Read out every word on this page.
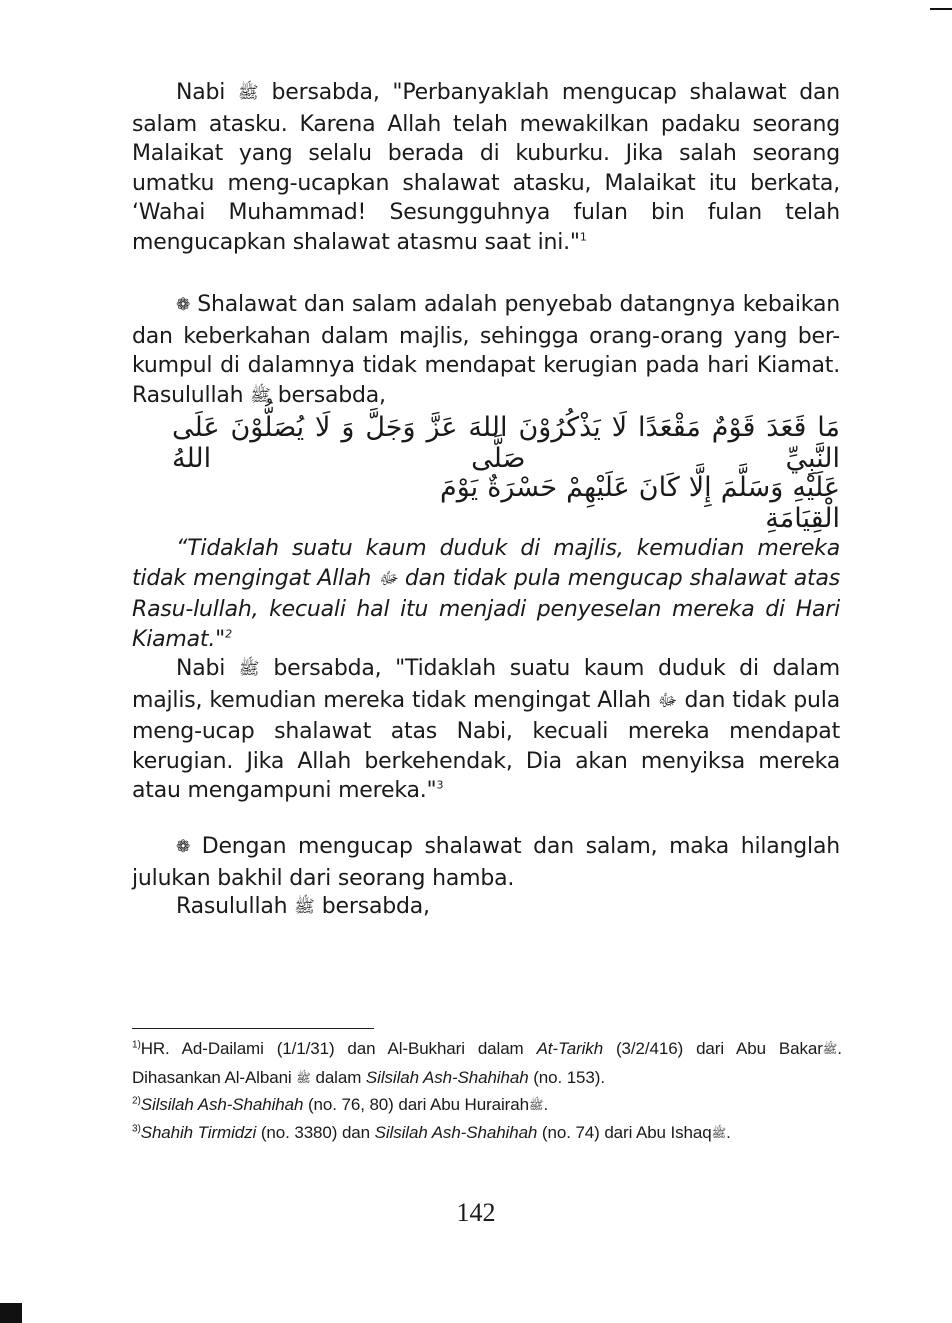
Nabi ﷺ bersabda, "Perbanyaklah mengucap shalawat dan salam atasku. Karena Allah telah mewakilkan padaku seorang Malaikat yang selalu berada di kuburku. Jika salah seorang umatku meng-ucapkan shalawat atasku, Malaikat itu berkata, ‘Wahai Muhammad! Sesungguhnya fulan bin fulan telah mengucapkan shalawat atasmu saat ini."$^1$

❁ Shalawat dan salam adalah penyebab datangnya kebaikan dan keberkahan dalam majlis, sehingga orang-orang yang ber-kumpul di dalamnya tidak mendapat kerugian pada hari Kiamat. Rasulullah ﷺ bersabda,

مَا قَعَدَ قَوْمٌ مَقْعَدًا لَا يَذْكُرُوْنَ اللهَ عَزَّ وَجَلَّ وَ لَا يُصَلُّوْنَ عَلَى النَّبِيِّ صَلَّى اللهُ

عَلَيْهِ وَسَلَّمَ إِلَّا كَانَ عَلَيْهِمْ حَسْرَةٌ يَوْمَ الْقِيَامَةِ

“Tidaklah suatu kaum duduk di majlis, kemudian mereka tidak mengingat Allah ﷻ dan tidak pula mengucap shalawat atas Rasu-lullah, kecuali hal itu menjadi penyeselan mereka di Hari Kiamat."$^2$

Nabi ﷺ bersabda, "Tidaklah suatu kaum duduk di dalam majlis, kemudian mereka tidak mengingat Allah ﷻ dan tidak pula meng-ucap shalawat atas Nabi, kecuali mereka mendapat kerugian. Jika Allah berkehendak, Dia akan menyiksa mereka atau mengampuni mereka."$^3$

❁ Dengan mengucap shalawat dan salam, maka hilanglah julukan bakhil dari seorang hamba.

Rasulullah ﷺ bersabda,

$^{1)}$HR. Ad-Dailami (1/1/31) dan Al-Bukhari dalam At-Tarikh (3/2/416) dari Abu Bakarﷺ. Dihasankan Al-Albani ﷺ dalam Silsilah Ash-Shahihah (no. 153).

$^{2)}$Silsilah Ash-Shahihah (no. 76, 80) dari Abu Hurairahﷺ.

$^{3)}$Shahih Tirmidzi (no. 3380) dan Silsilah Ash-Shahihah (no. 74) dari Abu Ishaqﷺ.

142
